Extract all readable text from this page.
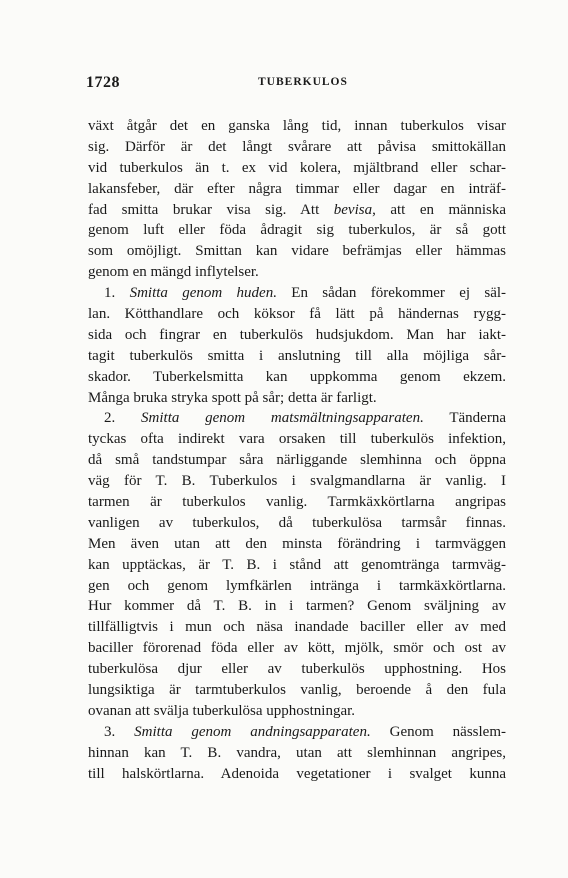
1728	TUBERKULOS
växt åtgår det en ganska lång tid, innan tuberkulos visar
sig. Därför är det långt svårare att påvisa smittokällan
vid tuberkulos än t. ex vid kolera, mjältbrand eller schar-
lakansfeber, där efter några timmar eller dagar en inträf-
fad smitta brukar visa sig. Att bevisa, att en människa
genom luft eller föda ådragit sig tuberkulos, är så gott
som omöjligt. Smittan kan vidare befrämjas eller hämmas
genom en mängd inflytelser.
1. Smitta genom huden. En sådan förekommer ej säl-
lan. Kötthandlare och köksor få lätt på händernas rygg-
sida och fingrar en tuberkulös hudsjukdom. Man har iakt-
tagit tuberkulös smitta i anslutning till alla möjliga sår-
skador. Tuberkelsmitta kan uppkomma genom ekzem.
Många bruka stryka spott på sår; detta är farligt.
2. Smitta genom matsmältningsapparaten. Tänderna
tyckas ofta indirekt vara orsaken till tuberkulös infektion,
då små tandstumpar såra närliggande slemhinna och öppna
väg för T. B. Tuberkulos i svalgmandlarna är vanlig. I
tarmen är tuberkulos vanlig. Tarmkäxkörtlarna angripas
vanligen av tuberkulos, då tuberkulösa tarmsår finnas.
Men även utan att den minsta förändring i tarmväggen
kan upptäckas, är T. B. i stånd att genomtränga tarmväg-
gen och genom lymfkärlen intränga i tarmkäxkörtlarna.
Hur kommer då T. B. in i tarmen? Genom sväljning av
tillfälligtvis i mun och näsa inandade baciller eller av med
baciller förorenad föda eller av kött, mjölk, smör och ost av
tuberkulösa djur eller av tuberkulös upphostning. Hos
lungsiktiga är tarmtuberkulos vanlig, beroende å den fula
ovanan att svälja tuberkulösa upphostningar.
3. Smitta genom andningsapparaten. Genom nässlem-
hinnan kan T. B. vandra, utan att slemhinnan angripes,
till halskörtlarna. Adenoida vegetationer i svalget kunna
